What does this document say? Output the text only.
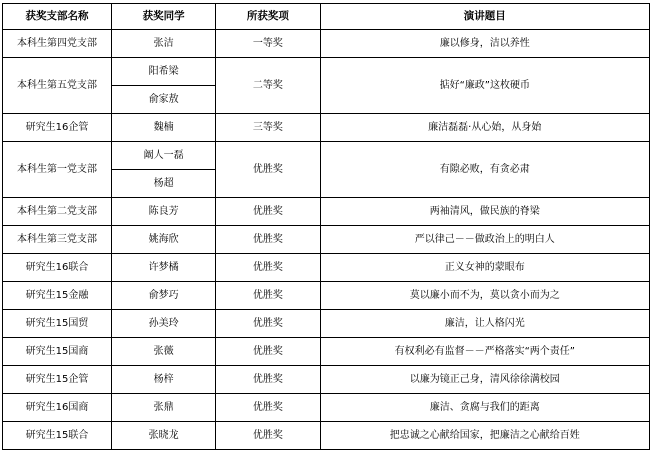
获奖支部名称	获奖同学	所获奖项	演讲题目
本科生第四党支部	张洁	一等奖	廉以修身，洁以养性
本科生第五党支部	阳希梁	二等奖	掂好“廉政”这枚硬币
	俞家敖		
研究生16企管	魏楠	三等奖	廉洁磊磊·从心始，从身始
本科生第一党支部	阚人一磊	优胜奖	有隙必败，有贪必肃
	杨超		
本科生第二党支部	陈良芳	优胜奖	两袖清风，做民族的脊梁
本科生第三党支部	姚海欣	优胜奖	严以律己－－做政治上的明白人
研究生16联合	许梦橘	优胜奖	正义女神的蒙眼布
研究生15金融	俞梦巧	优胜奖	莫以廉小而不为，莫以贪小而为之
研究生15国贸	孙美玲	优胜奖	廉洁，让人格闪光
研究生15国商	张薇	优胜奖	有权利必有监督－－严格落实“两个责任”
研究生15企管	杨梓	优胜奖	以廉为镜正己身，清风徐徐满校园
研究生16国商	张鼎	优胜奖	廉洁、贪腐与我们的距离
研究生15联合	张晓龙	优胜奖	把忠诚之心献给国家，把廉洁之心献给百姓
